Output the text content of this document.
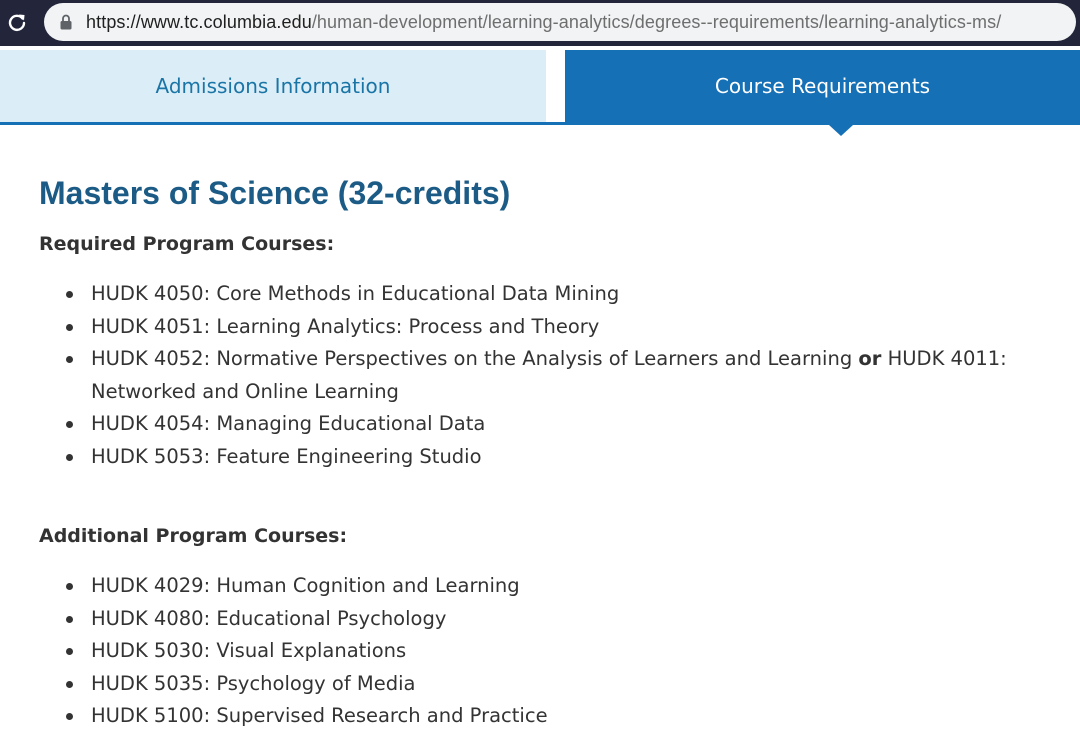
https://www.tc.columbia.edu/human-development/learning-analytics/degrees--requirements/learning-analytics-ms/
Admissions Information	Course Requirements
Masters of Science (32-credits)
Required Program Courses:
HUDK 4050: Core Methods in Educational Data Mining
HUDK 4051: Learning Analytics: Process and Theory
HUDK 4052: Normative Perspectives on the Analysis of Learners and Learning or HUDK 4011: Networked and Online Learning
HUDK 4054: Managing Educational Data
HUDK 5053: Feature Engineering Studio
Additional Program Courses:
HUDK 4029: Human Cognition and Learning
HUDK 4080: Educational Psychology
HUDK 5030: Visual Explanations
HUDK 5035: Psychology of Media
HUDK 5100: Supervised Research and Practice
